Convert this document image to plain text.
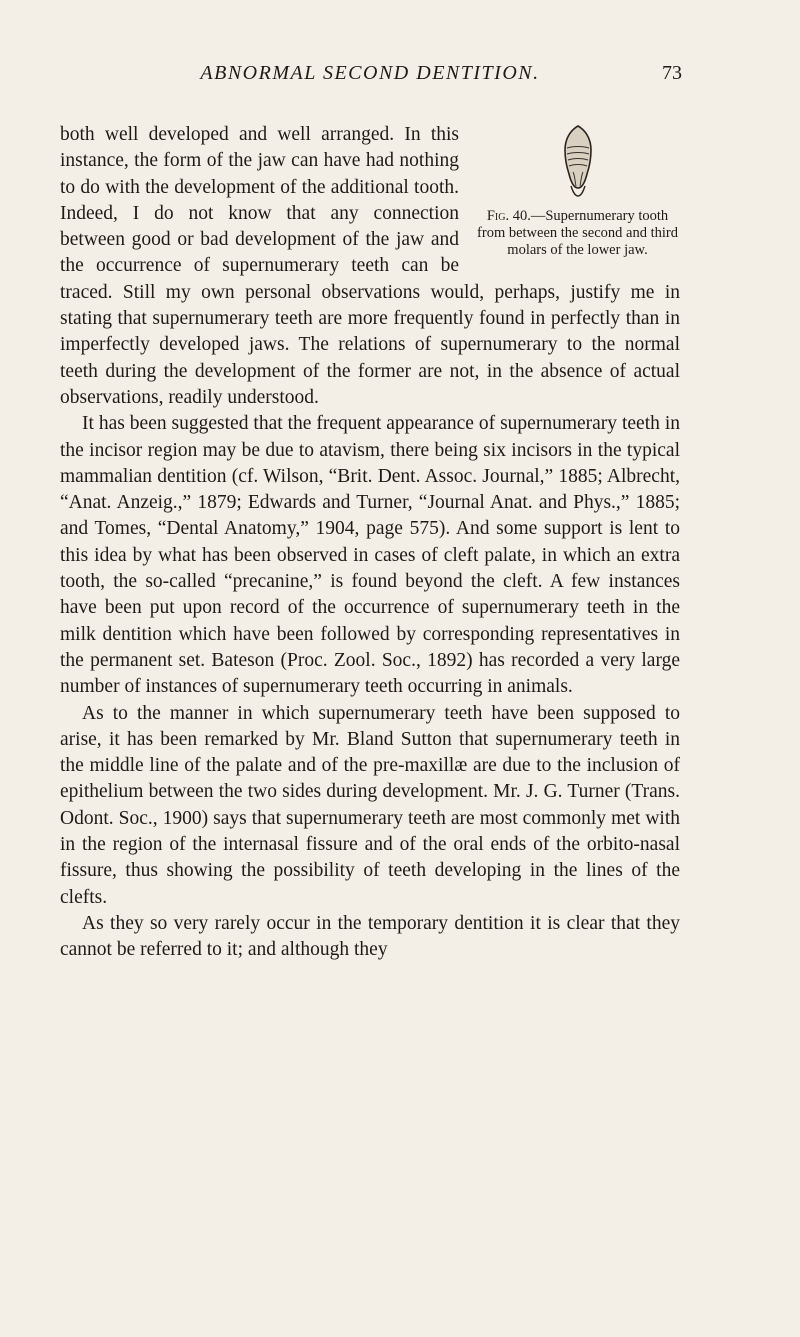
ABNORMAL SECOND DENTITION.	73

Fig. 40.—Supernumerary tooth from between the second and third molars of the lower jaw.
both well developed and well arranged. In this instance, the form of the jaw can have had nothing to do with the development of the additional tooth. Indeed, I do not know that any connection between good or bad development of the jaw and the occurrence of supernumerary teeth can be traced. Still my own personal observations would, perhaps, justify me in stating that supernumerary teeth are more frequently found in perfectly than in imperfectly developed jaws. The relations of supernumerary to the normal teeth during the development of the former are not, in the absence of actual observations, readily understood.

It has been suggested that the frequent appearance of supernumerary teeth in the incisor region may be due to atavism, there being six incisors in the typical mammalian dentition (cf. Wilson, “Brit. Dent. Assoc. Journal,” 1885; Albrecht, “Anat. Anzeig.,” 1879; Edwards and Turner, “Journal Anat. and Phys.,” 1885; and Tomes, “Dental Anatomy,” 1904, page 575). And some support is lent to this idea by what has been observed in cases of cleft palate, in which an extra tooth, the so-called “precanine,” is found beyond the cleft. A few instances have been put upon record of the occurrence of supernumerary teeth in the milk dentition which have been followed by corresponding representatives in the permanent set. Bateson (Proc. Zool. Soc., 1892) has recorded a very large number of instances of supernumerary teeth occurring in animals.

As to the manner in which supernumerary teeth have been supposed to arise, it has been remarked by Mr. Bland Sutton that supernumerary teeth in the middle line of the palate and of the pre-maxillæ are due to the inclusion of epithelium between the two sides during development. Mr. J. G. Turner (Trans. Odont. Soc., 1900) says that supernumerary teeth are most commonly met with in the region of the internasal fissure and of the oral ends of the orbito-nasal fissure, thus showing the possibility of teeth developing in the lines of the clefts.

As they so very rarely occur in the temporary dentition it is clear that they cannot be referred to it; and although they
